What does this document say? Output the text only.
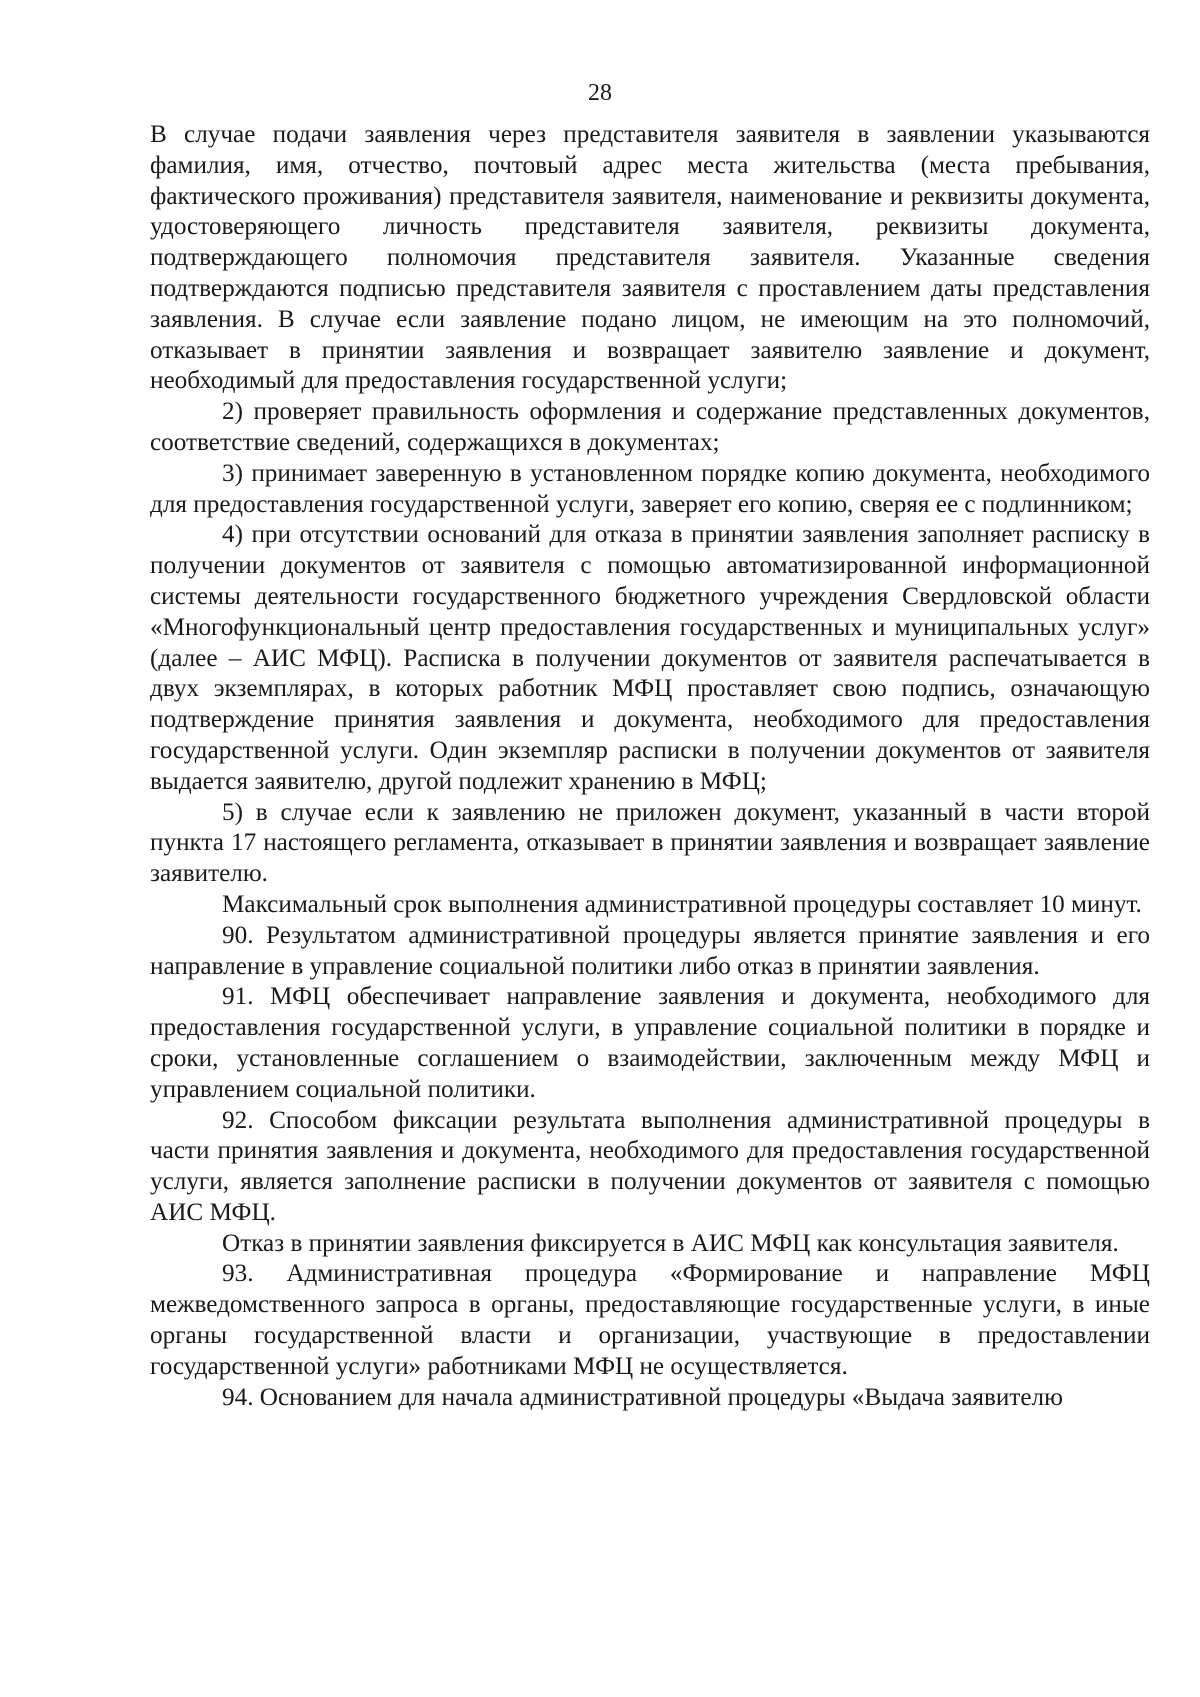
28

В случае подачи заявления через представителя заявителя в заявлении указываются фамилия, имя, отчество, почтовый адрес места жительства (места пребывания, фактического проживания) представителя заявителя, наименование и реквизиты документа, удостоверяющего личность представителя заявителя, реквизиты документа, подтверждающего полномочия представителя заявителя. Указанные сведения подтверждаются подписью представителя заявителя с проставлением даты представления заявления. В случае если заявление подано лицом, не имеющим на это полномочий, отказывает в принятии заявления и возвращает заявителю заявление и документ, необходимый для предоставления государственной услуги;

2) проверяет правильность оформления и содержание представленных документов, соответствие сведений, содержащихся в документах;

3) принимает заверенную в установленном порядке копию документа, необходимого для предоставления государственной услуги, заверяет его копию, сверяя ее с подлинником;

4) при отсутствии оснований для отказа в принятии заявления заполняет расписку в получении документов от заявителя с помощью автоматизированной информационной системы деятельности государственного бюджетного учреждения Свердловской области «Многофункциональный центр предоставления государственных и муниципальных услуг» (далее – АИС МФЦ). Расписка в получении документов от заявителя распечатывается в двух экземплярах, в которых работник МФЦ проставляет свою подпись, означающую подтверждение принятия заявления и документа, необходимого для предоставления государственной услуги. Один экземпляр расписки в получении документов от заявителя выдается заявителю, другой подлежит хранению в МФЦ;

5) в случае если к заявлению не приложен документ, указанный в части второй пункта 17 настоящего регламента, отказывает в принятии заявления и возвращает заявление заявителю.

Максимальный срок выполнения административной процедуры составляет 10 минут.

90. Результатом административной процедуры является принятие заявления и его направление в управление социальной политики либо отказ в принятии заявления.

91. МФЦ обеспечивает направление заявления и документа, необходимого для предоставления государственной услуги, в управление социальной политики в порядке и сроки, установленные соглашением о взаимодействии, заключенным между МФЦ и управлением социальной политики.

92. Способом фиксации результата выполнения административной процедуры в части принятия заявления и документа, необходимого для предоставления государственной услуги, является заполнение расписки в получении документов от заявителя с помощью АИС МФЦ.

Отказ в принятии заявления фиксируется в АИС МФЦ как консультация заявителя.

93. Административная процедура «Формирование и направление МФЦ межведомственного запроса в органы, предоставляющие государственные услуги, в иные органы государственной власти и организации, участвующие в предоставлении государственной услуги» работниками МФЦ не осуществляется.

94. Основанием для начала административной процедуры «Выдача заявителю
